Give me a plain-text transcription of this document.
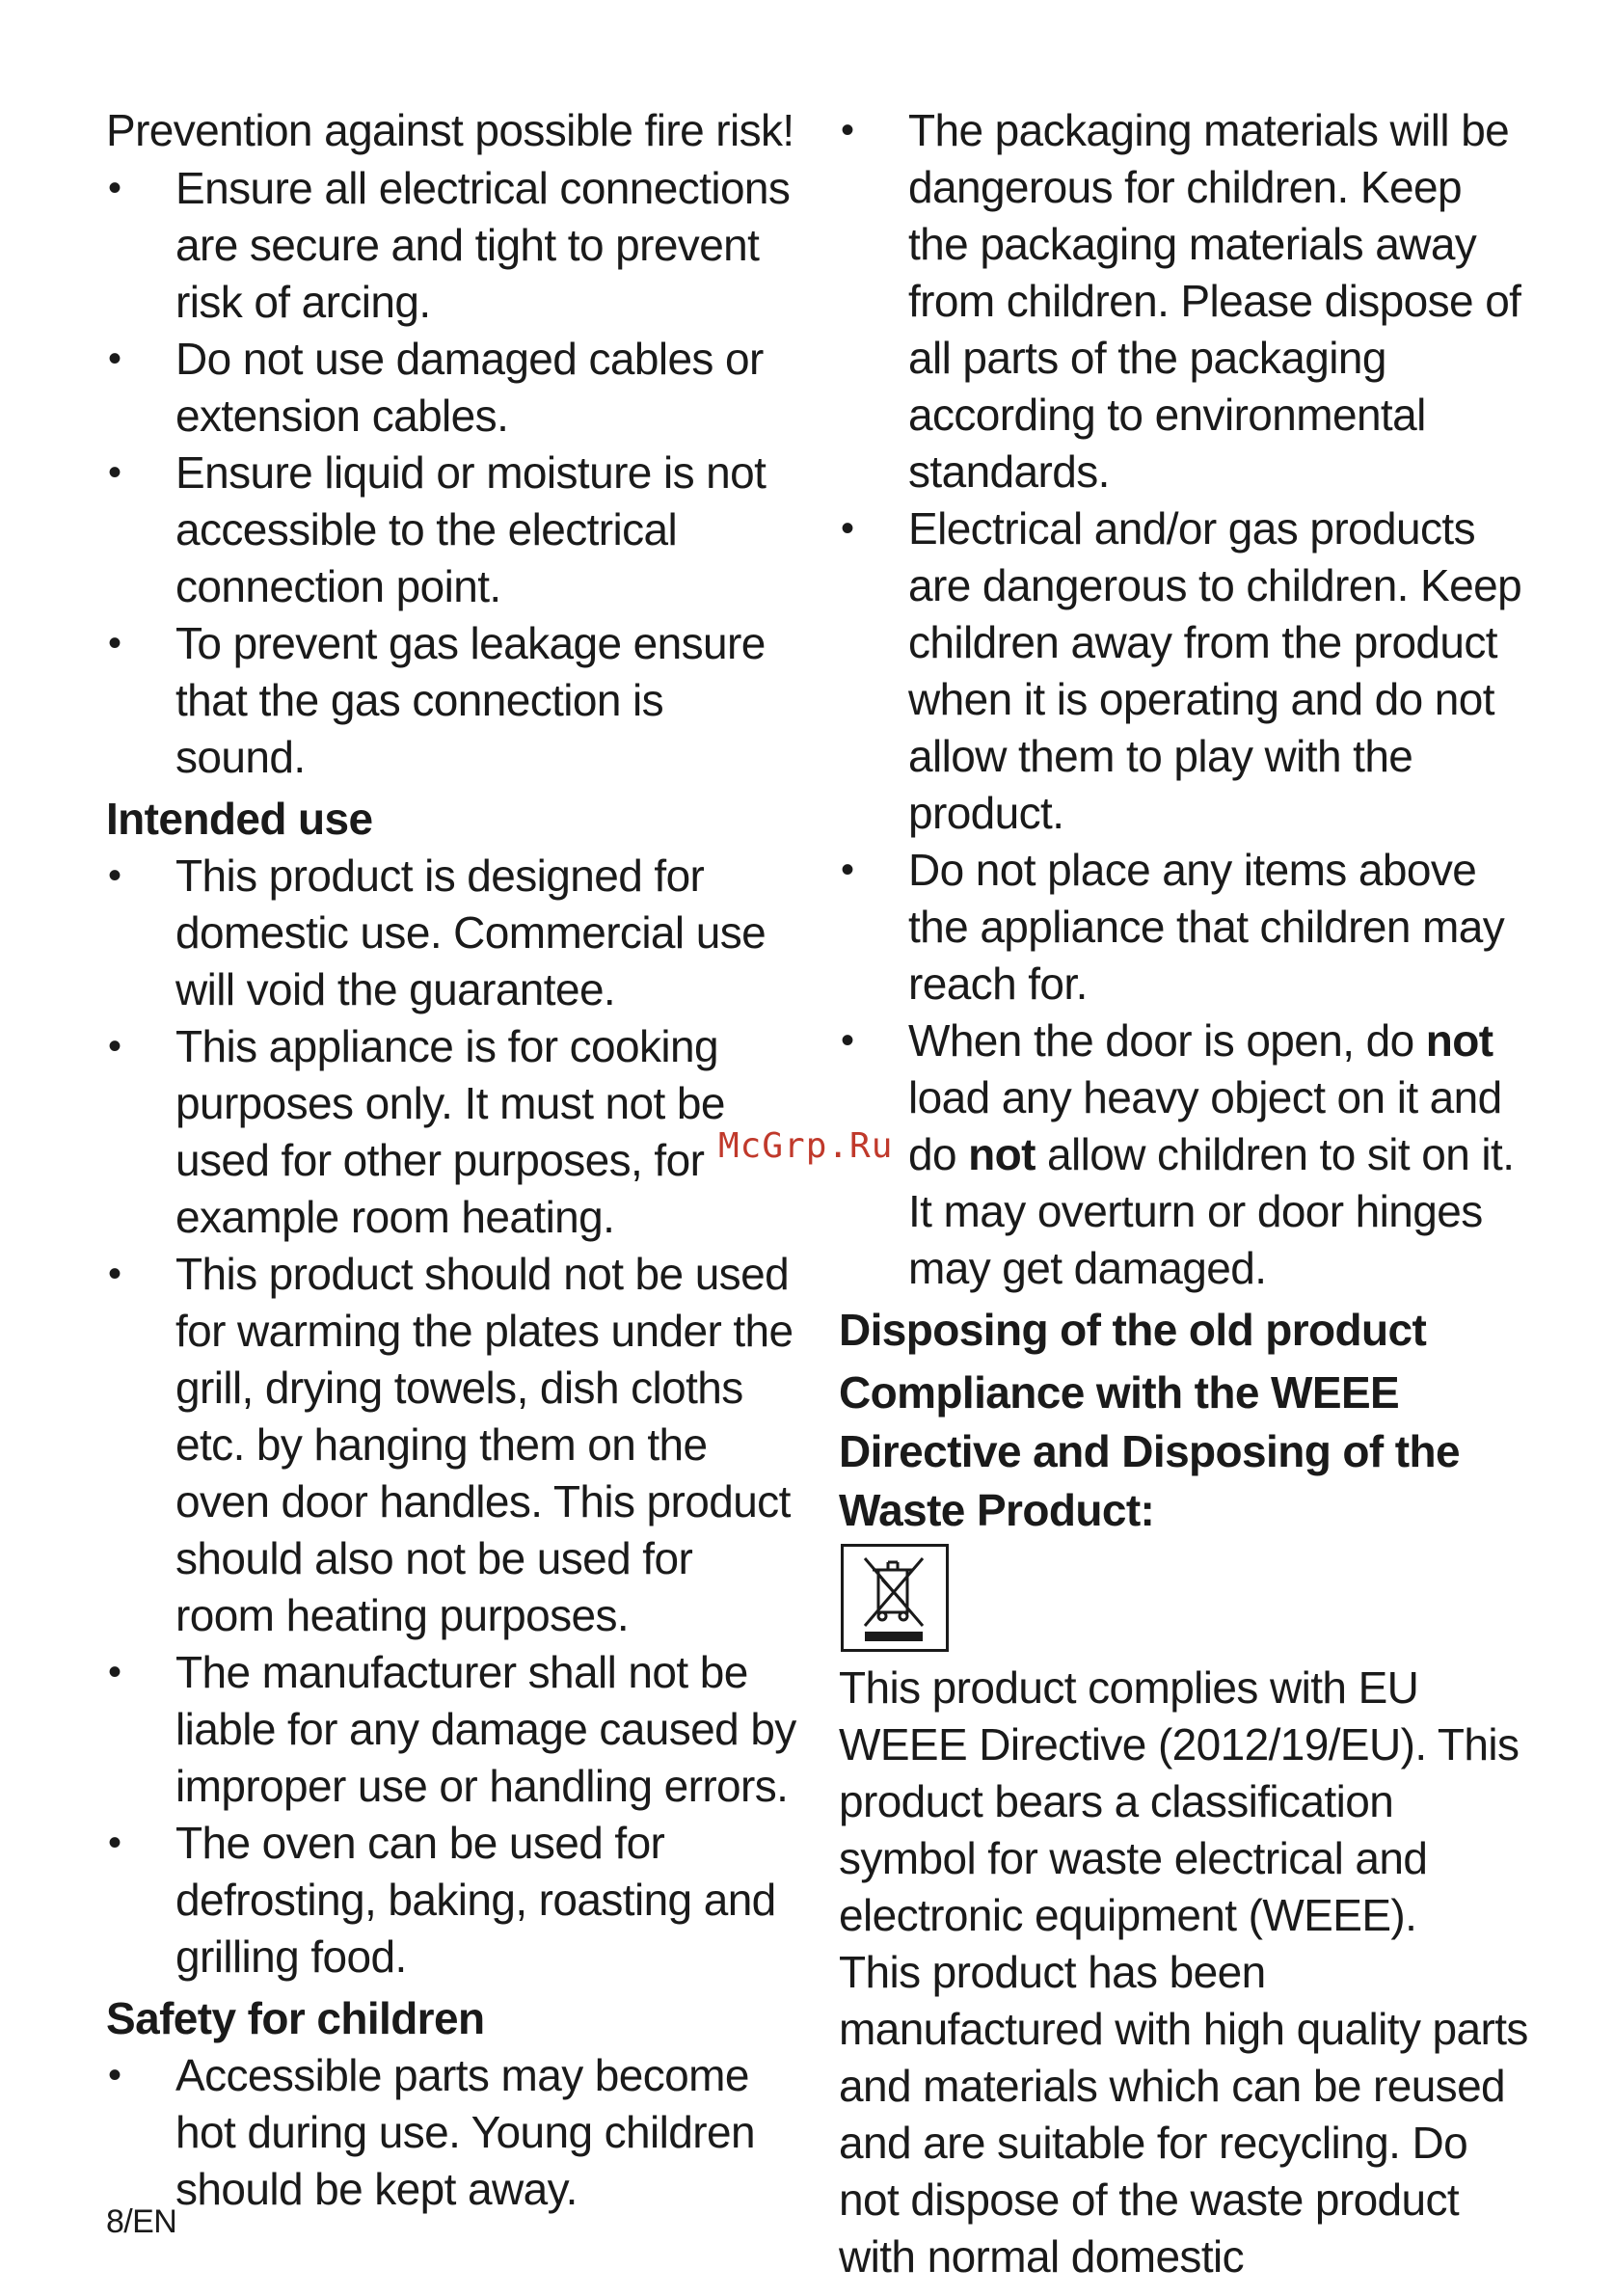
Prevention against possible fire risk!

•	Ensure all electrical connections are secure and tight to prevent risk of arcing.
•	Do not use damaged cables or extension cables.
•	Ensure liquid or moisture is not accessible to the electrical connection point.
•	To prevent gas leakage ensure that the gas connection is sound.
Intended use
•	This product is designed for domestic use. Commercial use will void the guarantee.
•	This appliance is for cooking purposes only. It must not be used for other purposes, for example room heating.
•	This product should not be used for warming the plates under the grill, drying towels, dish cloths etc. by hanging them on the oven door handles. This product should also not be used for room heating purposes.
•	The manufacturer shall not be liable for any damage caused by improper use or handling errors.
•	The oven can be used for defrosting, baking, roasting and grilling food.
Safety for children
•	Accessible parts may become hot during use. Young children should be kept away.
•	The packaging materials will be dangerous for children. Keep the packaging materials away from children. Please dispose of all parts of the packaging according to environmental standards.
•	Electrical and/or gas products are dangerous to children. Keep children away from the product when it is operating and do not allow them to play with the product.
•	Do not place any items above the appliance that children may reach for.
•	When the door is open, do not load any heavy object on it and do not allow children to sit on it. It may overturn or door hinges may get damaged.
Disposing of the old product
Compliance with the WEEE Directive and Disposing of the Waste Product:

This product complies with EU WEEE Directive (2012/19/EU). This product bears a classification symbol for waste electrical and electronic equipment (WEEE).

This product has been manufactured with high quality parts and materials which can be reused and are suitable for recycling. Do not dispose of the waste product with normal domestic

McGrp.Ru
8/EN
